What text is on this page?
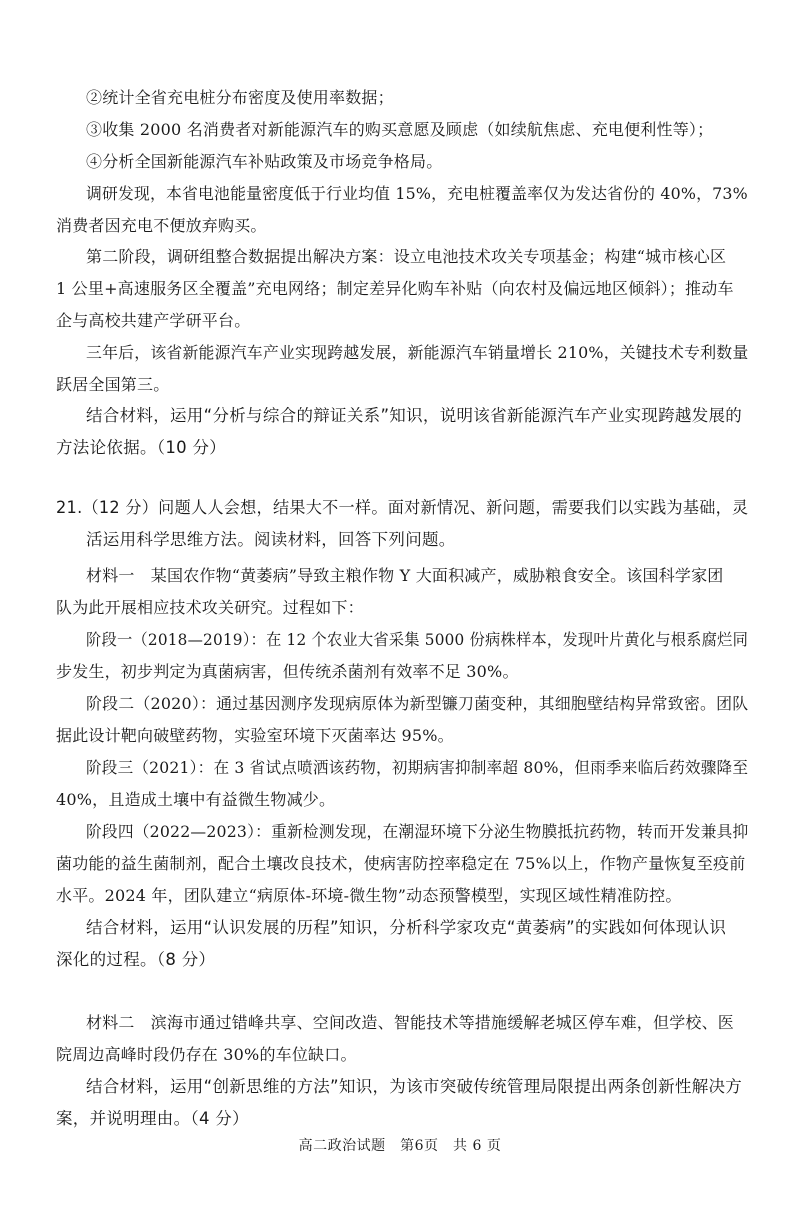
②统计全省充电桩分布密度及使用率数据；
③收集 2000 名消费者对新能源汽车的购买意愿及顾虑（如续航焦虑、充电便利性等）；
④分析全国新能源汽车补贴政策及市场竞争格局。
调研发现，本省电池能量密度低于行业均值 15%，充电桩覆盖率仅为发达省份的 40%，73%
消费者因充电不便放弃购买。
第二阶段，调研组整合数据提出解决方案：设立电池技术攻关专项基金；构建“城市核心区
1 公里+高速服务区全覆盖”充电网络；制定差异化购车补贴（向农村及偏远地区倾斜）；推动车
企与高校共建产学研平台。
三年后，该省新能源汽车产业实现跨越发展，新能源汽车销量增长 210%，关键技术专利数量
跃居全国第三。
结合材料，运用“分析与综合的辩证关系”知识，说明该省新能源汽车产业实现跨越发展的
方法论依据。（10 分）
21.（12 分）问题人人会想，结果大不一样。面对新情况、新问题，需要我们以实践为基础，灵
活运用科学思维方法。阅读材料，回答下列问题。
材料一　某国农作物“黄萎病”导致主粮作物 Y 大面积减产，威胁粮食安全。该国科学家团
队为此开展相应技术攻关研究。过程如下：
阶段一（2018—2019）：在 12 个农业大省采集 5000 份病株样本，发现叶片黄化与根系腐烂同
步发生，初步判定为真菌病害，但传统杀菌剂有效率不足 30%。
阶段二（2020）：通过基因测序发现病原体为新型镰刀菌变种，其细胞壁结构异常致密。团队
据此设计靶向破壁药物，实验室环境下灭菌率达 95%。
阶段三（2021）：在 3 省试点喷洒该药物，初期病害抑制率超 80%，但雨季来临后药效骤降至
40%，且造成土壤中有益微生物减少。
阶段四（2022—2023）：重新检测发现，在潮湿环境下分泌生物膜抵抗药物，转而开发兼具抑
菌功能的益生菌制剂，配合土壤改良技术，使病害防控率稳定在 75%以上，作物产量恢复至疫前
水平。2024 年，团队建立“病原体-环境-微生物”动态预警模型，实现区域性精准防控。
结合材料，运用“认识发展的历程”知识，分析科学家攻克“黄萎病”的实践如何体现认识
深化的过程。（8 分）
材料二　滨海市通过错峰共享、空间改造、智能技术等措施缓解老城区停车难，但学校、医
院周边高峰时段仍存在 30%的车位缺口。
结合材料，运用“创新思维的方法”知识，为该市突破传统管理局限提出两条创新性解决方
案，并说明理由。（4 分）
高二政治试题　第6页　共 6 页
